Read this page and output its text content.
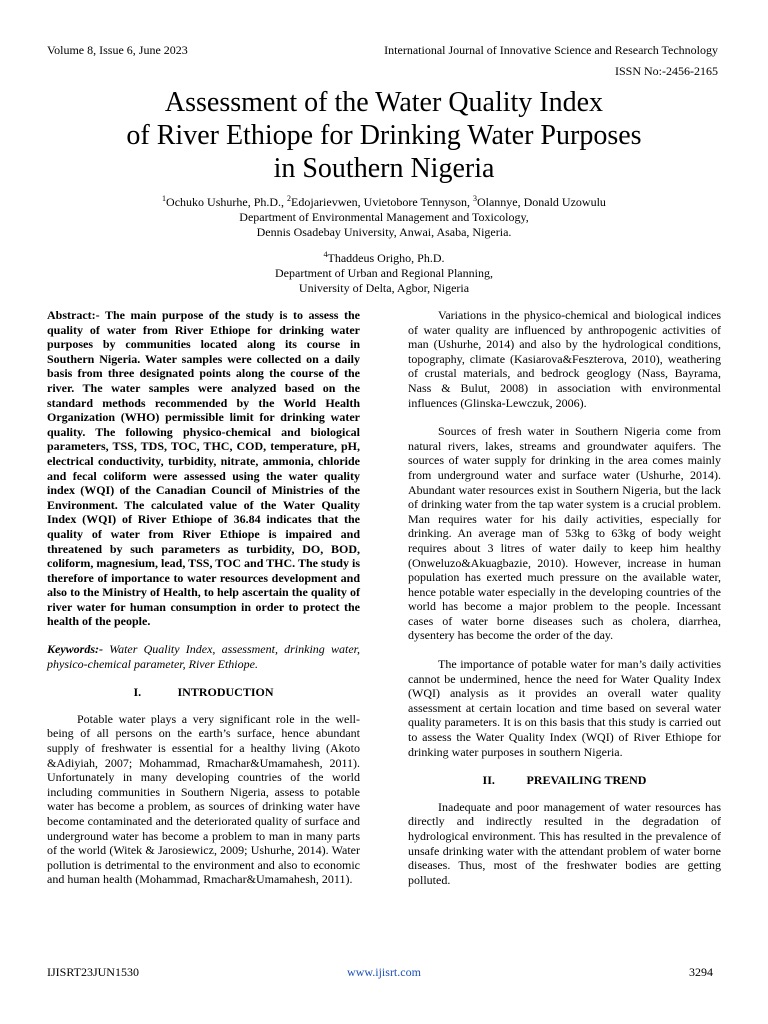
Volume 8, Issue 6, June 2023	International Journal of Innovative Science and Research Technology
ISSN No:-2456-2165
Assessment of the Water Quality Index
of River Ethiope for Drinking Water Purposes
in Southern Nigeria
$^1$Ochuko Ushurhe, Ph.D., $^2$Edojarievwen, Uvietobore Tennyson, $^3$Olannye, Donald Uzowulu
Department of Environmental Management and Toxicology,
Dennis Osadebay University, Anwai, Asaba, Nigeria.
$^4$Thaddeus Origho, Ph.D.
Department of Urban and Regional Planning,
University of Delta, Agbor, Nigeria

Abstract:- The main purpose of the study is to assess the quality of water from River Ethiope for drinking water purposes by communities located along its course in Southern Nigeria. Water samples were collected on a daily basis from three designated points along the course of the river. The water samples were analyzed based on the standard methods recommended by the World Health Organization (WHO) permissible limit for drinking water quality. The following physico-chemical and biological parameters, TSS, TDS, TOC, THC, COD, temperature, pH, electrical conductivity, turbidity, nitrate, ammonia, chloride and fecal coliform were assessed using the water quality index (WQI) of the Canadian Council of Ministries of the Environment. The calculated value of the Water Quality Index (WQI) of River Ethiope of 36.84 indicates that the quality of water from River Ethiope is impaired and threatened by such parameters as turbidity, DO, BOD, coliform, magnesium, lead, TSS, TOC and THC. The study is therefore of importance to water resources development and also to the Ministry of Health, to help ascertain the quality of river water for human consumption in order to protect the health of the people.

Keywords:- Water Quality Index, assessment, drinking water, physico-chemical parameter, River Ethiope.

I.	INTRODUCTION

Potable water plays a very significant role in the well-being of all persons on the earth’s surface, hence abundant supply of freshwater is essential for a healthy living (Akoto &Adiyiah, 2007; Mohammad, Rmachar&Umamahesh, 2011). Unfortunately in many developing countries of the world including communities in Southern Nigeria, assess to potable water has become a problem, as sources of drinking water have become contaminated and the deteriorated quality of surface and underground water has become a problem to man in many parts of the world (Witek & Jarosiewicz, 2009; Ushurhe, 2014). Water pollution is detrimental to the environment and also to economic and human health (Mohammad, Rmachar&Umamahesh, 2011).

Variations in the physico-chemical and biological indices of water quality are influenced by anthropogenic activities of man (Ushurhe, 2014) and also by the hydrological conditions, topography, climate (Kasiarova&Feszterova, 2010), weathering of crustal materials, and bedrock geoglogy (Nass, Bayrama, Nass & Bulut, 2008) in association with environmental influences (Glinska-Lewczuk, 2006).

Sources of fresh water in Southern Nigeria come from natural rivers, lakes, streams and groundwater aquifers. The sources of water supply for drinking in the area comes mainly from underground water and surface water (Ushurhe, 2014). Abundant water resources exist in Southern Nigeria, but the lack of drinking water from the tap water system is a crucial problem. Man requires water for his daily activities, especially for drinking. An average man of 53kg to 63kg of body weight requires about 3 litres of water daily to keep him healthy (Onweluzo&Akuagbazie, 2010). However, increase in human population has exerted much pressure on the available water, hence potable water especially in the developing countries of the world has become a major problem to the people. Incessant cases of water borne diseases such as cholera, diarrhea, dysentery has become the order of the day.

The importance of potable water for man’s daily activities cannot be undermined, hence the need for Water Quality Index (WQI) analysis as it provides an overall water quality assessment at certain location and time based on several water quality parameters. It is on this basis that this study is carried out to assess the Water Quality Index (WQI) of River Ethiope for drinking water purposes in southern Nigeria.

II.	PREVAILING TREND

Inadequate and poor management of water resources has directly and indirectly resulted in the degradation of hydrological environment. This has resulted in the prevalence of unsafe drinking water with the attendant problem of water borne diseases. Thus, most of the freshwater bodies are getting polluted.

IJISRT23JUN1530	www.ijisrt.com	3294
